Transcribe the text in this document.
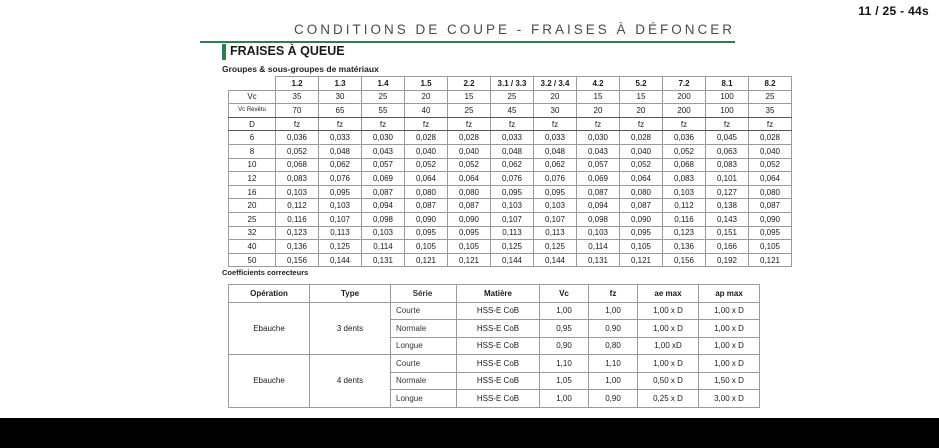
11 / 25 - 44s
CONDITIONS DE COUPE - FRAISES À DÉFONCER
FRAISES À QUEUE
Groupes & sous-groupes de matériaux
	1.2	1.3	1.4	1.5	2.2	3.1 / 3.3	3.2 / 3.4	4.2	5.2	7.2	8.1	8.2
Vc	35	30	25	20	15	25	20	15	15	200	100	25
Vc Revêtu	70	65	55	40	25	45	30	20	20	200	100	35
D	fz	fz	fz	fz	fz	fz	fz	fz	fz	fz	fz	fz
6	0,036	0,033	0,030	0,028	0,028	0,033	0,033	0,030	0,028	0,036	0,045	0,028
8	0,052	0,048	0,043	0,040	0,040	0,048	0,048	0,043	0,040	0,052	0,063	0,040
10	0,068	0,062	0,057	0,052	0,052	0,062	0,062	0,057	0,052	0,068	0,083	0,052
12	0,083	0,076	0,069	0,064	0,064	0,076	0,076	0,069	0,064	0,083	0,101	0,064
16	0,103	0,095	0,087	0,080	0,080	0,095	0,095	0,087	0,080	0,103	0,127	0,080
20	0,112	0,103	0,094	0,087	0,087	0,103	0,103	0,094	0,087	0,112	0,138	0,087
25	0,116	0,107	0,098	0,090	0,090	0,107	0,107	0,098	0,090	0,116	0,143	0,090
32	0,123	0,113	0,103	0,095	0,095	0,113	0,113	0,103	0,095	0,123	0,151	0,095
40	0,136	0,125	0,114	0,105	0,105	0,125	0,125	0,114	0,105	0,136	0,166	0,105
50	0,156	0,144	0,131	0,121	0,121	0,144	0,144	0,131	0,121	0,156	0,192	0,121
Coefficients correcteurs
Opération	Type	Série	Matière	Vc	fz	ae max	ap max
Ebauche	3 dents	Courte	HSS-E CoB	1,00	1,00	1,00 x D	1,00 x D
		Normale	HSS-E CoB	0,95	0,90	1,00 x D	1,00 x D
		Longue	HSS-E CoB	0,90	0,80	1,00 xD	1,00 x D
Ebauche	4 dents	Courte	HSS-E CoB	1,10	1,10	1,00 x D	1,00 x D
		Normale	HSS-E CoB	1,05	1,00	0,50 x D	1,50 x D
		Longue	HSS-E CoB	1,00	0,90	0,25 x D	3,00 x D
